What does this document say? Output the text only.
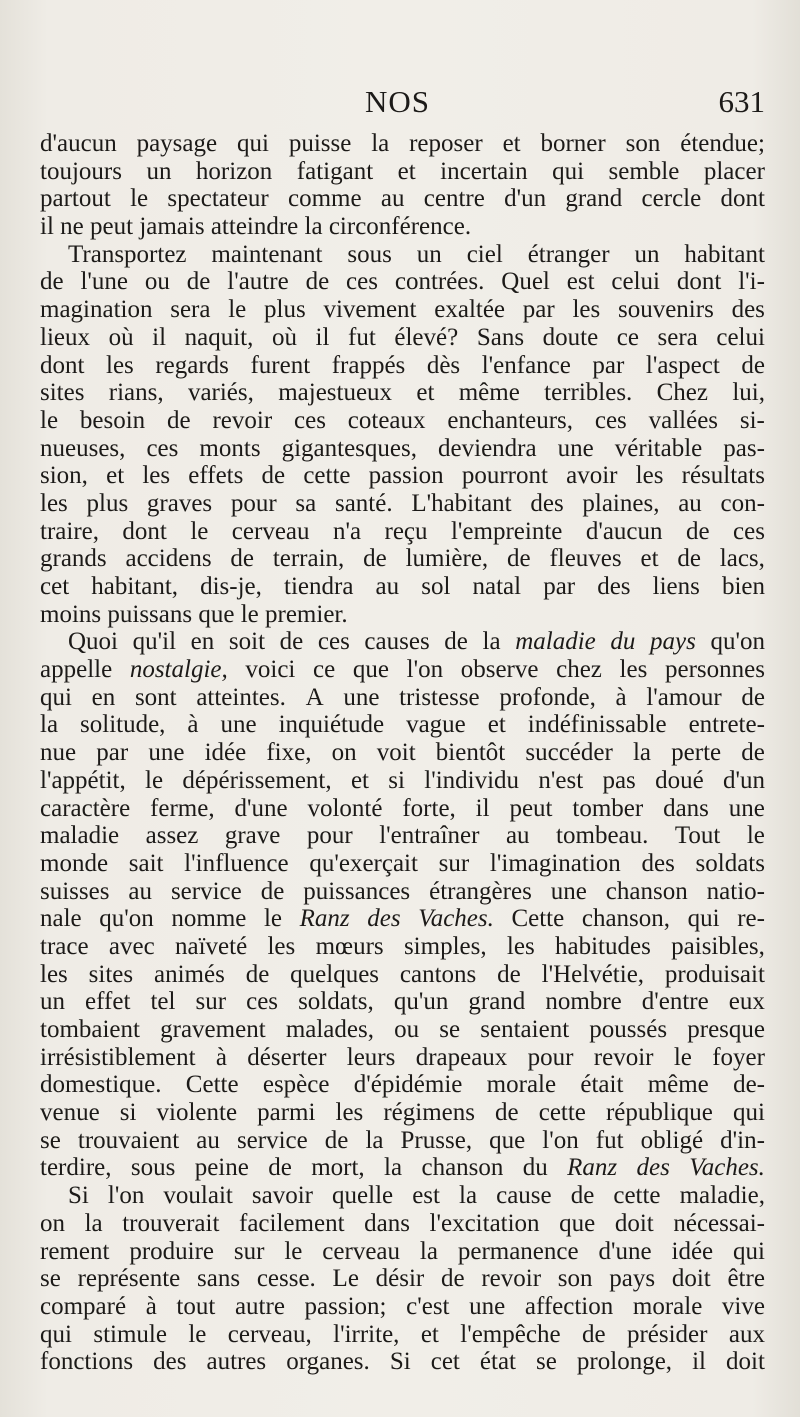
NOS	631
d'aucun paysage qui puisse la reposer et borner son étendue;
toujours un horizon fatigant et incertain qui semble placer
partout le spectateur comme au centre d'un grand cercle dont
il ne peut jamais atteindre la circonférence.
Transportez maintenant sous un ciel étranger un habitant
de l'une ou de l'autre de ces contrées. Quel est celui dont l'i-
magination sera le plus vivement exaltée par les souvenirs des
lieux où il naquit, où il fut élevé? Sans doute ce sera celui
dont les regards furent frappés dès l'enfance par l'aspect de
sites rians, variés, majestueux et même terribles. Chez lui,
le besoin de revoir ces coteaux enchanteurs, ces vallées si-
nueuses, ces monts gigantesques, deviendra une véritable pas-
sion, et les effets de cette passion pourront avoir les résultats
les plus graves pour sa santé. L'habitant des plaines, au con-
traire, dont le cerveau n'a reçu l'empreinte d'aucun de ces
grands accidens de terrain, de lumière, de fleuves et de lacs,
cet habitant, dis-je, tiendra au sol natal par des liens bien
moins puissans que le premier.
Quoi qu'il en soit de ces causes de la maladie du pays qu'on
appelle nostalgie, voici ce que l'on observe chez les personnes
qui en sont atteintes. A une tristesse profonde, à l'amour de
la solitude, à une inquiétude vague et indéfinissable entrete-
nue par une idée fixe, on voit bientôt succéder la perte de
l'appétit, le dépérissement, et si l'individu n'est pas doué d'un
caractère ferme, d'une volonté forte, il peut tomber dans une
maladie assez grave pour l'entraîner au tombeau. Tout le
monde sait l'influence qu'exerçait sur l'imagination des soldats
suisses au service de puissances étrangères une chanson natio-
nale qu'on nomme le Ranz des Vaches. Cette chanson, qui re-
trace avec naïveté les mœurs simples, les habitudes paisibles,
les sites animés de quelques cantons de l'Helvétie, produisait
un effet tel sur ces soldats, qu'un grand nombre d'entre eux
tombaient gravement malades, ou se sentaient poussés presque
irrésistiblement à déserter leurs drapeaux pour revoir le foyer
domestique. Cette espèce d'épidémie morale était même de-
venue si violente parmi les régimens de cette république qui
se trouvaient au service de la Prusse, que l'on fut obligé d'in-
terdire, sous peine de mort, la chanson du Ranz des Vaches.
Si l'on voulait savoir quelle est la cause de cette maladie,
on la trouverait facilement dans l'excitation que doit nécessai-
rement produire sur le cerveau la permanence d'une idée qui
se représente sans cesse. Le désir de revoir son pays doit être
comparé à tout autre passion; c'est une affection morale vive
qui stimule le cerveau, l'irrite, et l'empêche de présider aux
fonctions des autres organes. Si cet état se prolonge, il doit
